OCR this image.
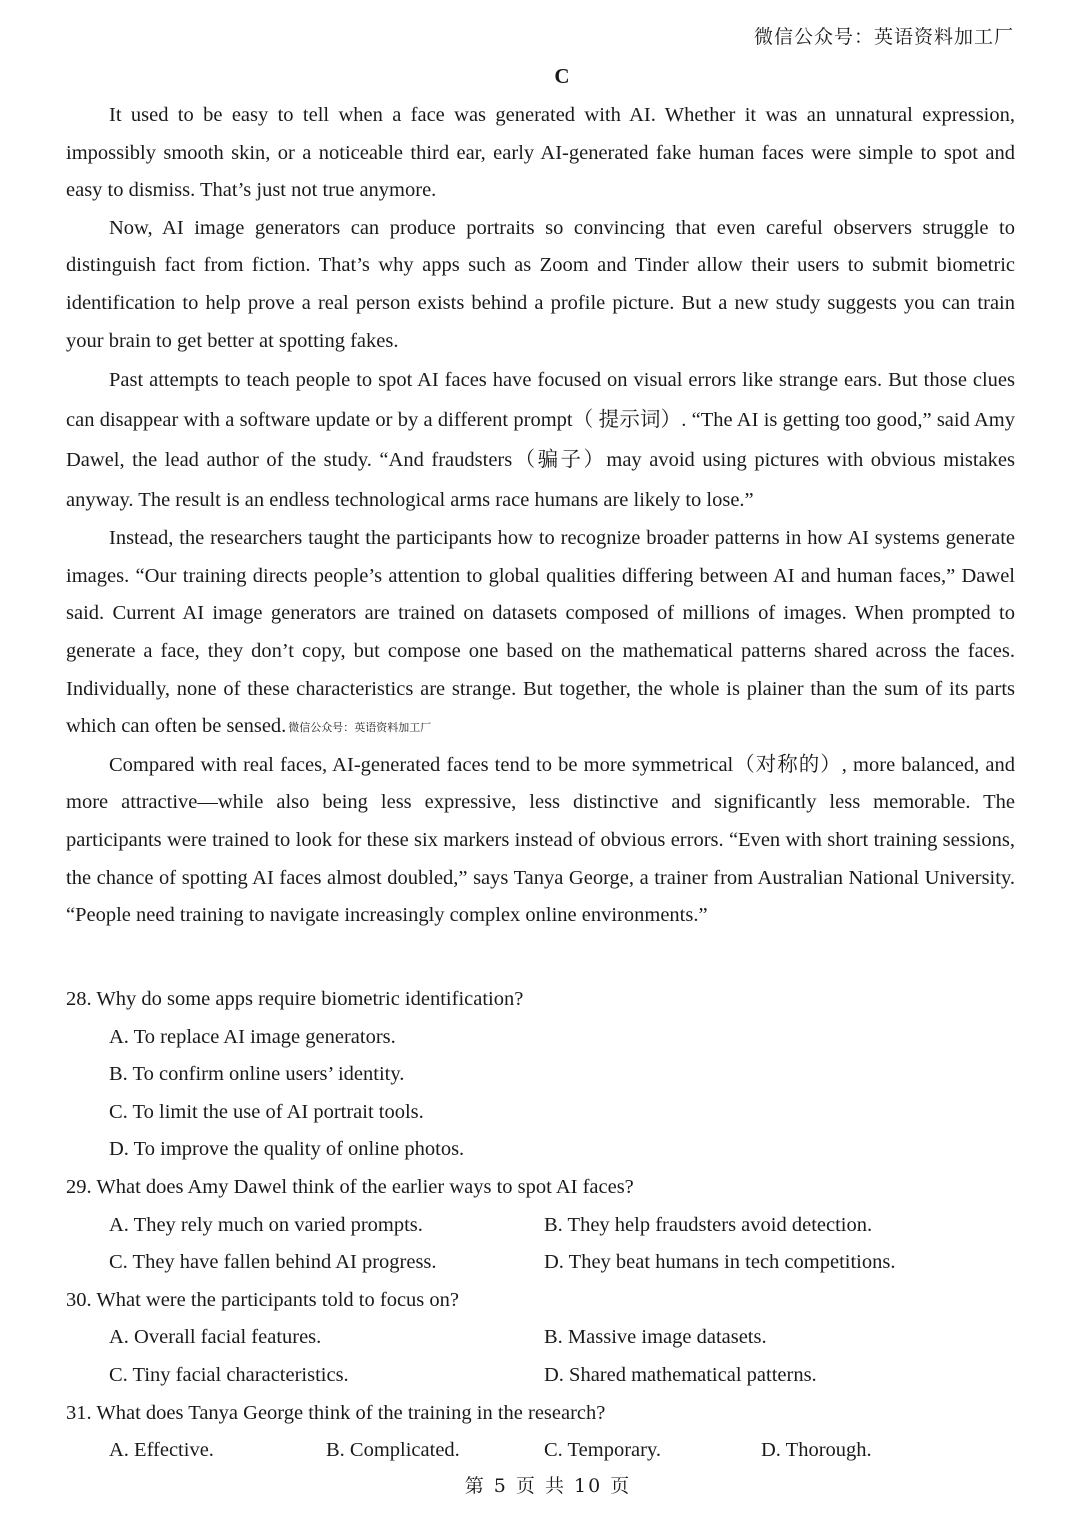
微信公众号：英语资料加工厂
C

It used to be easy to tell when a face was generated with AI. Whether it was an unnatural expression, impossibly smooth skin, or a noticeable third ear, early AI-generated fake human faces were simple to spot and easy to dismiss. That’s just not true anymore.

Now, AI image generators can produce portraits so convincing that even careful observers struggle to distinguish fact from fiction. That’s why apps such as Zoom and Tinder allow their users to submit biometric identification to help prove a real person exists behind a profile picture. But a new study suggests you can train your brain to get better at spotting fakes.

Past attempts to teach people to spot AI faces have focused on visual errors like strange ears. But those clues can disappear with a software update or by a different prompt（ 提示词）. “The AI is getting too good,” said Amy Dawel, the lead author of the study. “And fraudsters（骗子）may avoid using pictures with obvious mistakes anyway. The result is an endless technological arms race humans are likely to lose.”

Instead, the researchers taught the participants how to recognize broader patterns in how AI systems generate images. “Our training directs people’s attention to global qualities differing between AI and human faces,” Dawel said. Current AI image generators are trained on datasets composed of millions of images. When prompted to generate a face, they don’t copy, but compose one based on the mathematical patterns shared across the faces. Individually, none of these characteristics are strange. But together, the whole is plainer than the sum of its parts which can often be sensed. 微信公众号：英语资料加工厂

Compared with real faces, AI-generated faces tend to be more symmetrical（对称的）, more balanced, and more attractive—while also being less expressive, less distinctive and significantly less memorable. The participants were trained to look for these six markers instead of obvious errors. “Even with short training sessions, the chance of spotting AI faces almost doubled,” says Tanya George, a trainer from Australian National University. “People need training to navigate increasingly complex online environments.”

28. Why do some apps require biometric identification?
A. To replace AI image generators.
B. To confirm online users’ identity.
C. To limit the use of AI portrait tools.
D. To improve the quality of online photos.
29. What does Amy Dawel think of the earlier ways to spot AI faces?
A. They rely much on varied prompts.	B. They help fraudsters avoid detection.
C. They have fallen behind AI progress.	D. They beat humans in tech competitions.
30. What were the participants told to focus on?
A. Overall facial features.	B. Massive image datasets.
C. Tiny facial characteristics.	D. Shared mathematical patterns.
31. What does Tanya George think of the training in the research?
A. Effective.	B. Complicated.	C. Temporary.	D. Thorough.
第 5 页 共 10 页
